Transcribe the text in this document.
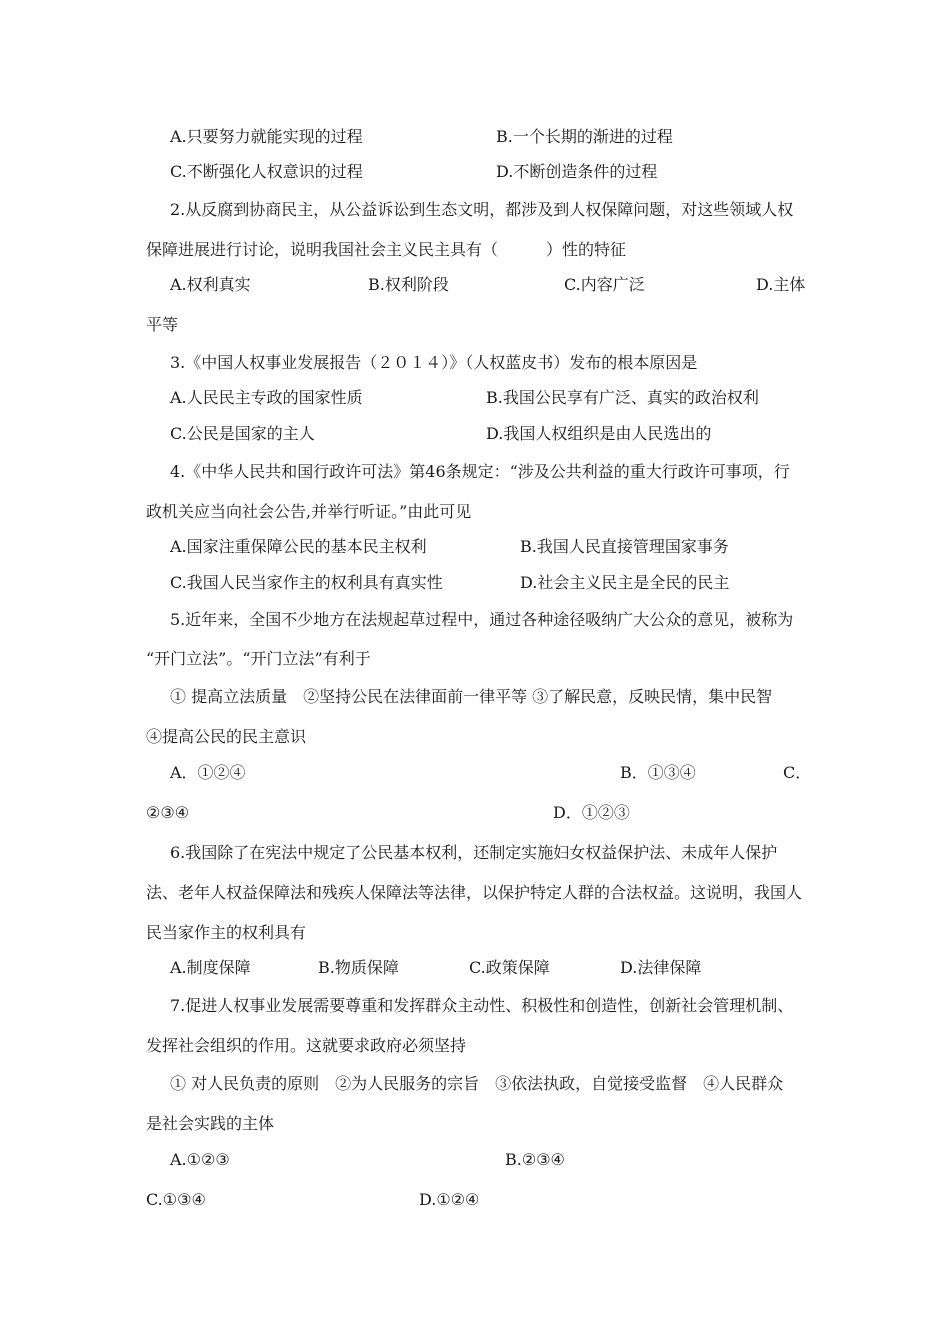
A.只要努力就能实现的过程	B.一个长期的渐进的过程
C.不断强化人权意识的过程	D.不断创造条件的过程
2.从反腐到协商民主，从公益诉讼到生态文明，都涉及到人权保障问题，对这些领域人权
保障进展进行讨论，说明我国社会主义民主具有（　　　）性的特征
A.权利真实	B.权利阶段	C.内容广泛	D.主体
平等
3.《中国人权事业发展报告（２０１４）》（人权蓝皮书）发布的根本原因是
A.人民民主专政的国家性质	B.我国公民享有广泛、真实的政治权利
C.公民是国家的主人	D.我国人权组织是由人民选出的
4.《中华人民共和国行政许可法》第46条规定：“涉及公共利益的重大行政许可事项，行
政机关应当向社会公告,并举行听证。”由此可见
A.国家注重保障公民的基本民主权利	B.我国人民直接管理国家事务
C.我国人民当家作主的权利具有真实性	D.社会主义民主是全民的民主
5.近年来，全国不少地方在法规起草过程中，通过各种途径吸纳广大公众的意见，被称为
“开门立法”。“开门立法”有利于
① 提高立法质量　②坚持公民在法律面前一律平等 ③了解民意，反映民情，集中民智
④提高公民的民主意识
A．①②④	B．①③④	C．
②③④	D．①②③
6.我国除了在宪法中规定了公民基本权利，还制定实施妇女权益保护法、未成年人保护
法、老年人权益保障法和残疾人保障法等法律，以保护特定人群的合法权益。这说明，我国人
民当家作主的权利具有
A.制度保障	B.物质保障	C.政策保障	D.法律保障
7.促进人权事业发展需要尊重和发挥群众主动性、积极性和创造性，创新社会管理机制、
发挥社会组织的作用。这就要求政府必须坚持
① 对人民负责的原则　②为人民服务的宗旨　③依法执政，自觉接受监督　④人民群众
是社会实践的主体
A.①②③	B.②③④
C.①③④	D.①②④
